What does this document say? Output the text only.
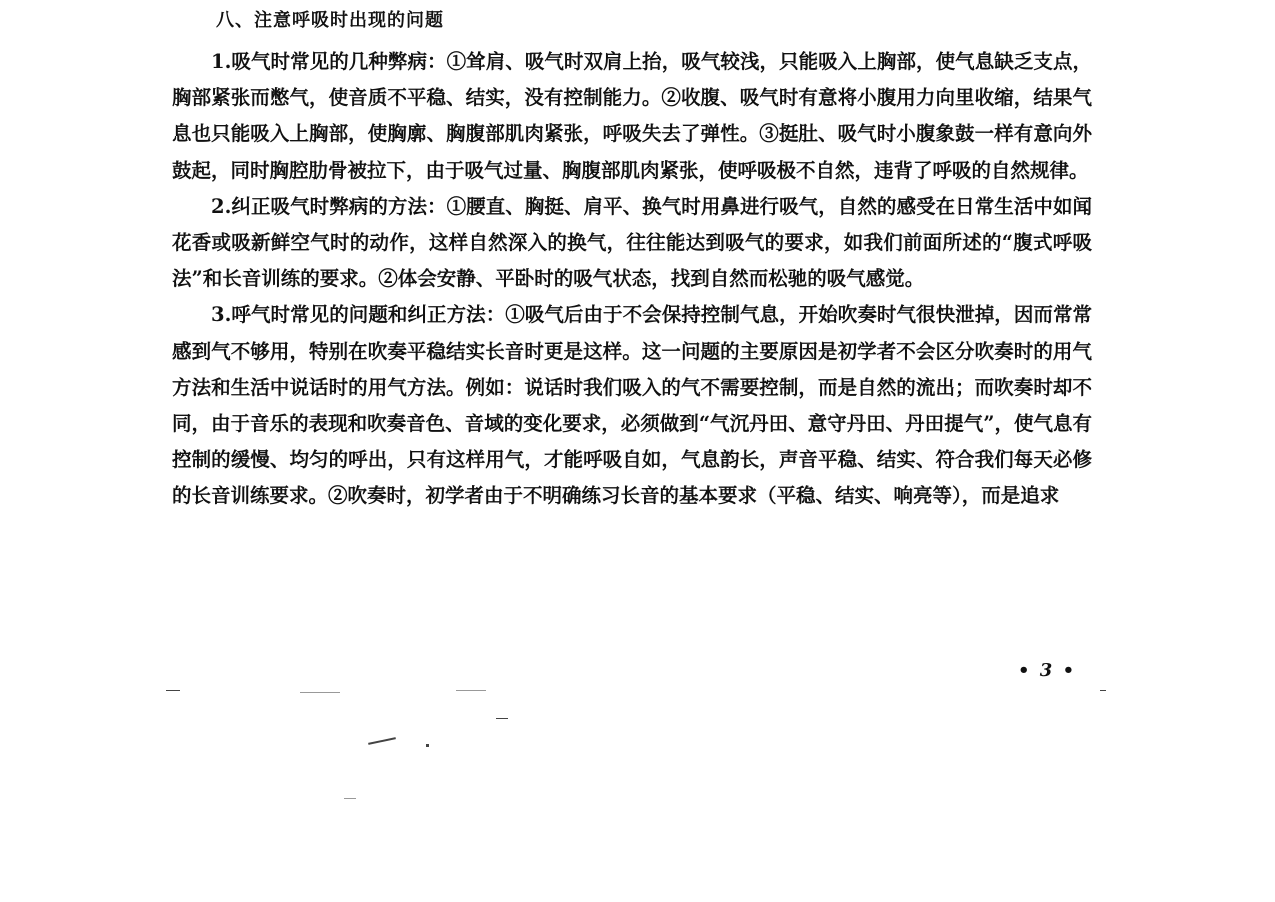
八、注意呼吸时出现的问题

1.吸气时常见的几种弊病：①耸肩、吸气时双肩上抬，吸气较浅，只能吸入上胸部，使气息缺乏支点，胸部紧张而憋气，使音质不平稳、结实，没有控制能力。②收腹、吸气时有意将小腹用力向里收缩，结果气息也只能吸入上胸部，使胸廓、胸腹部肌肉紧张，呼吸失去了弹性。③挺肚、吸气时小腹象鼓一样有意向外鼓起，同时胸腔肋骨被拉下，由于吸气过量、胸腹部肌肉紧张，使呼吸极不自然，违背了呼吸的自然规律。

2.纠正吸气时弊病的方法：①腰直、胸挺、肩平、换气时用鼻进行吸气，自然的感受在日常生活中如闻花香或吸新鲜空气时的动作，这样自然深入的换气，往往能达到吸气的要求，如我们前面所述的“腹式呼吸法”和长音训练的要求。②体会安静、平卧时的吸气状态，找到自然而松驰的吸气感觉。

3.呼气时常见的问题和纠正方法：①吸气后由于不会保持控制气息，开始吹奏时气很快泄掉，因而常常感到气不够用，特别在吹奏平稳结实长音时更是这样。这一问题的主要原因是初学者不会区分吹奏时的用气方法和生活中说话时的用气方法。例如：说话时我们吸入的气不需要控制，而是自然的流出；而吹奏时却不同，由于音乐的表现和吹奏音色、音域的变化要求，必须做到“气沉丹田、意守丹田、丹田提气”，使气息有控制的缓慢、均匀的呼出，只有这样用气，才能呼吸自如，气息韵长，声音平稳、结实、符合我们每天必修的长音训练要求。②吹奏时，初学者由于不明确练习长音的基本要求（平稳、结实、响亮等），而是追求

• 3 •
